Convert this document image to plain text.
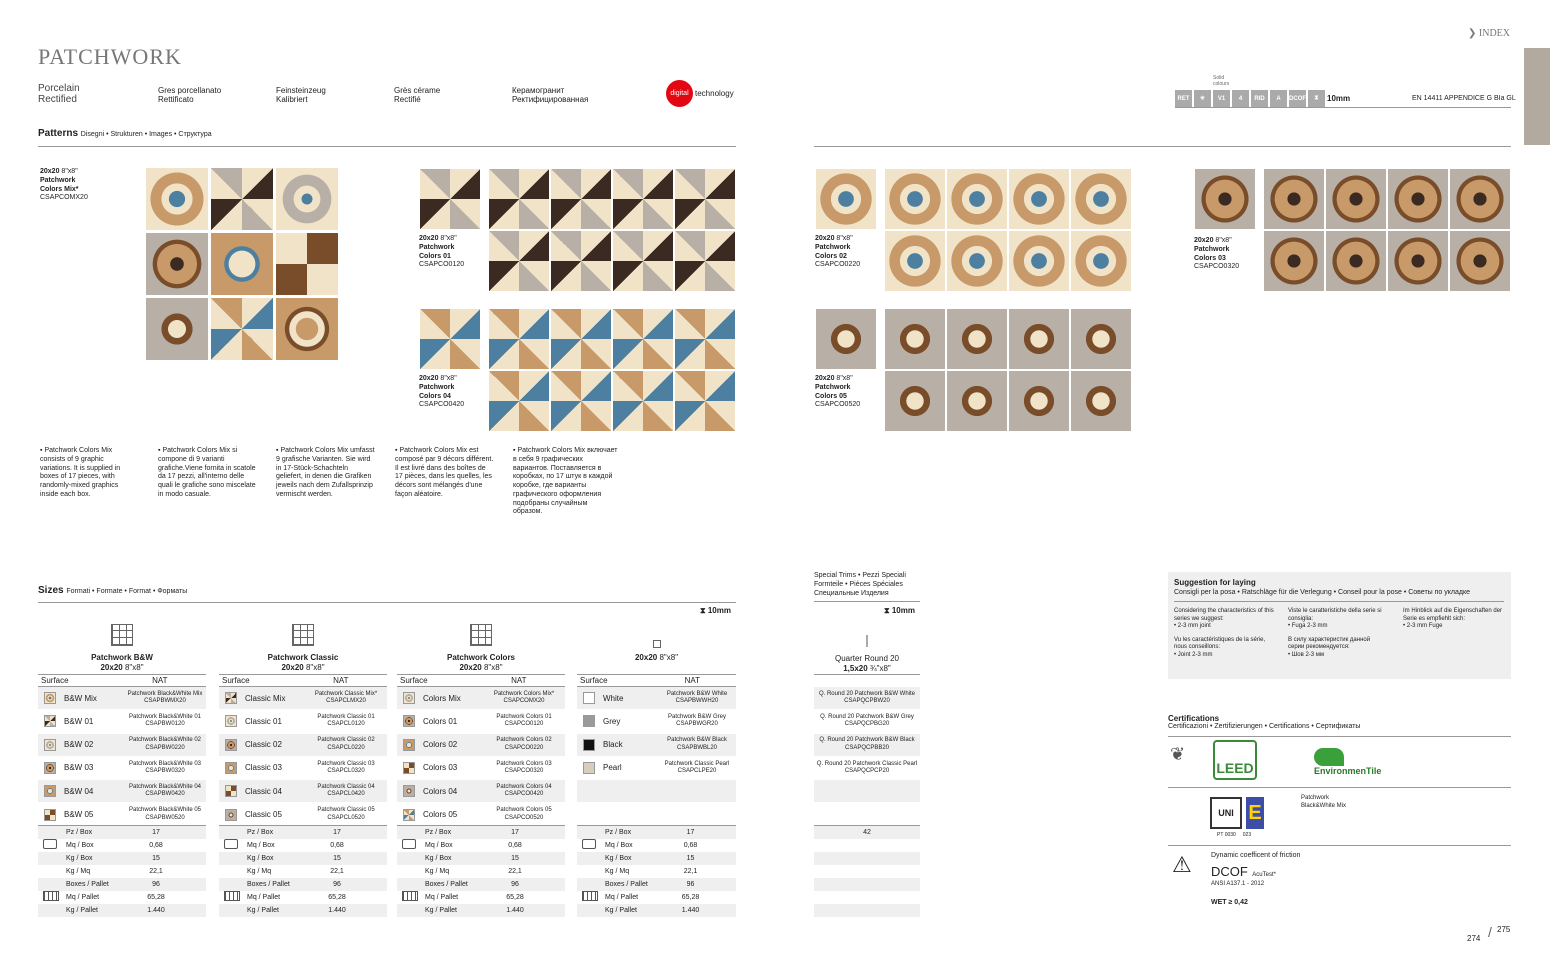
PATCHWORK
❯ INDEX
Porcelain
Rectified
Gres porcellanato
Rettificato
Feinsteinzeug
Kalibriert
Grès cérame
Rectifié
Керамогранит
Ректифицированная
digital technology
Solid colours
RET	☀	V1	4	RID	A	DCOF	⧗	10mm	EN 14411 APPENDICE G BIa GL
Patterns Disegni • Strukturen • Images • Структура
20x20 8"x8"
Patchwork
Colors Mix*
CSAPCOMX20
20x20 8"x8"
Patchwork
Colors 01
CSAPCO0120
20x20 8"x8"
Patchwork
Colors 04
CSAPCO0420
20x20 8"x8"
Patchwork
Colors 02
CSAPCO0220
20x20 8"x8"
Patchwork
Colors 05
CSAPCO0520
20x20 8"x8"
Patchwork
Colors 03
CSAPCO0320
▪ Patchwork Colors Mix consists of 9 graphic variations. It is supplied in boxes of 17 pieces, with randomly-mixed graphics inside each box.
▪ Patchwork Colors Mix si compone di 9 varianti grafiche.Viene fornita in scatole da 17 pezzi, all'interno delle quali le grafiche sono miscelate in modo casuale.
▪ Patchwork Colors Mix umfasst 9 grafische Varianten. Sie wird in 17-Stück-Schachteln geliefert, in denen die Grafiken jeweils nach dem Zufallsprinzip vermischt werden.
▪ Patchwork Colors Mix est composé par 9 décors différent. Il est livré dans des boîtes de 17 pièces, dans les quelles, les décors sont mélangés d'une façon aléatoire.
▪ Patchwork Colors Mix включает в себя 9 графических вариантов. Поставляется в коробках, по 17 штук в каждой коробке, где варианты графического оформления подобраны случайным образом.
Sizes Formati • Formate • Format • Форматы
⧗ 10mm
Patchwork B&W
20x20 8"x8"
Surface	NAT
B&W Mix	Patchwork Black&White Mix
CSAPBWMX20
B&W 01	Patchwork Black&White 01
CSAPBW0120
B&W 02	Patchwork Black&White 02
CSAPBW0220
B&W 03	Patchwork Black&White 03
CSAPBW0320
B&W 04	Patchwork Black&White 04
CSAPBW0420
B&W 05	Patchwork Black&White 05
CSAPBW0520
Pz / Box	17
Mq / Box	0,68
Kg / Box	15
Kg / Mq	22,1
Boxes / Pallet	96
Mq / Pallet	65,28
Kg / Pallet	1.440
Patchwork Classic
20x20 8"x8"
Surface	NAT
Classic Mix	Patchwork Classic Mix*
CSAPCLMX20
Classic 01	Patchwork Classic 01
CSAPCL0120
Classic 02	Patchwork Classic 02
CSAPCL0220
Classic 03	Patchwork Classic 03
CSAPCL0320
Classic 04	Patchwork Classic 04
CSAPCL0420
Classic 05	Patchwork Classic 05
CSAPCL0520
Pz / Box	17
Mq / Box	0,68
Kg / Box	15
Kg / Mq	22,1
Boxes / Pallet	96
Mq / Pallet	65,28
Kg / Pallet	1.440
Patchwork Colors
20x20 8"x8"
Surface	NAT
Colors Mix	Patchwork Colors Mix*
CSAPCOMX20
Colors 01	Patchwork Colors 01
CSAPCO0120
Colors 02	Patchwork Colors 02
CSAPCO0220
Colors 03	Patchwork Colors 03
CSAPCO0320
Colors 04	Patchwork Colors 04
CSAPCO0420
Colors 05	Patchwork Colors 05
CSAPCO0520
Pz / Box	17
Mq / Box	0,68
Kg / Box	15
Kg / Mq	22,1
Boxes / Pallet	96
Mq / Pallet	65,28
Kg / Pallet	1.440
20x20 8"x8"
Surface	NAT
White	Patchwork B&W White
CSAPBWWH20
Grey	Patchwork B&W Grey
CSAPBWGR20
Black	Patchwork B&W Black
CSAPBWBL20
Pearl	Patchwork Classic Pearl
CSAPCLPE20
Pz / Box	17
Mq / Box	0,68
Kg / Box	15
Kg / Mq	22,1
Boxes / Pallet	96
Mq / Pallet	65,28
Kg / Pallet	1.440
Special Trims • Pezzi Speciali
Formteile • Pièces Spéciales
Специальные Изделия
⧗ 10mm
Quarter Round 20
1,5x20 ¾"x8"
Q. Round 20 Patchwork B&W White
CSAPQCPBW20
Q. Round 20 Patchwork B&W Grey
CSAPQCPBG20
Q. Round 20 Patchwork B&W Black
CSAPQCPBB20
Q. Round 20 Patchwork Classic Pearl
CSAPQCPCP20
42
Suggestion for laying
Consigli per la posa • Ratschläge für die Verlegung • Conseil pour la pose • Советы по укладке
Considering the characteristics of this series we suggest:
• 2-3 mm joint
Vu les caractéristiques de la série, nous conseillons:
• Joint 2-3 mm
Viste le caratteristiche della serie si consiglia:
• Fuga 2-3 mm
В силу характеристик данной серии рекомендуется:
• Шов 2-3 мм
Im Hinblick auf die Eigenschaften der Serie es empfiehlt sich:
• 2-3 mm Fuge
Certifications
Certificazioni • Zertifizierungen • Certifications • Сертификаты
❦
LEED	EnvironmenTile
UNI E
PT 0030 023
Patchwork
Black&White Mix
⚠	Dynamic coefficent of friction
DCOF AcuTest*
ANSI A137.1 - 2012
WET ≥ 0,42
274 / 275
